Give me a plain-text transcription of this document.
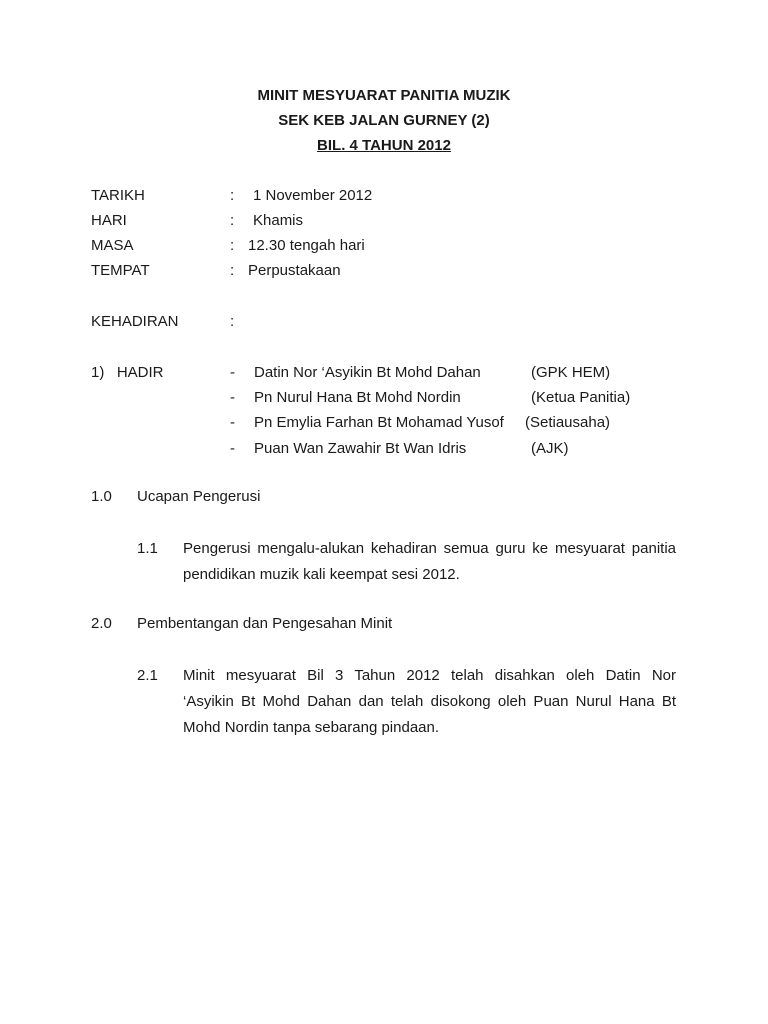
MINIT MESYUARAT PANITIA MUZIK
SEK KEB JALAN GURNEY (2)
BIL. 4 TAHUN 2012
TARIKH	: 1 November 2012
HARI	: Khamis
MASA	: 12.30 tengah hari
TEMPAT	: Perpustakaan
KEHADIRAN	:
1)   HADIR	- Datin Nor ‘Asyikin Bt Mohd Dahan	(GPK HEM)
- Pn Nurul Hana Bt Mohd Nordin	(Ketua Panitia)
- Pn Emylia Farhan Bt Mohamad Yusof (Setiausaha)
- Puan Wan Zawahir Bt Wan Idris	(AJK)
1.0 Ucapan Pengerusi
1.1 Pengerusi mengalu-alukan kehadiran semua guru ke mesyuarat panitia
pendidikan muzik kali keempat sesi 2012.
2.0 Pembentangan dan Pengesahan Minit
2.1 Minit mesyuarat Bil 3 Tahun 2012 telah disahkan oleh Datin Nor
‘Asyikin Bt Mohd Dahan dan telah disokong oleh Puan Nurul Hana Bt
Mohd Nordin tanpa sebarang pindaan.
